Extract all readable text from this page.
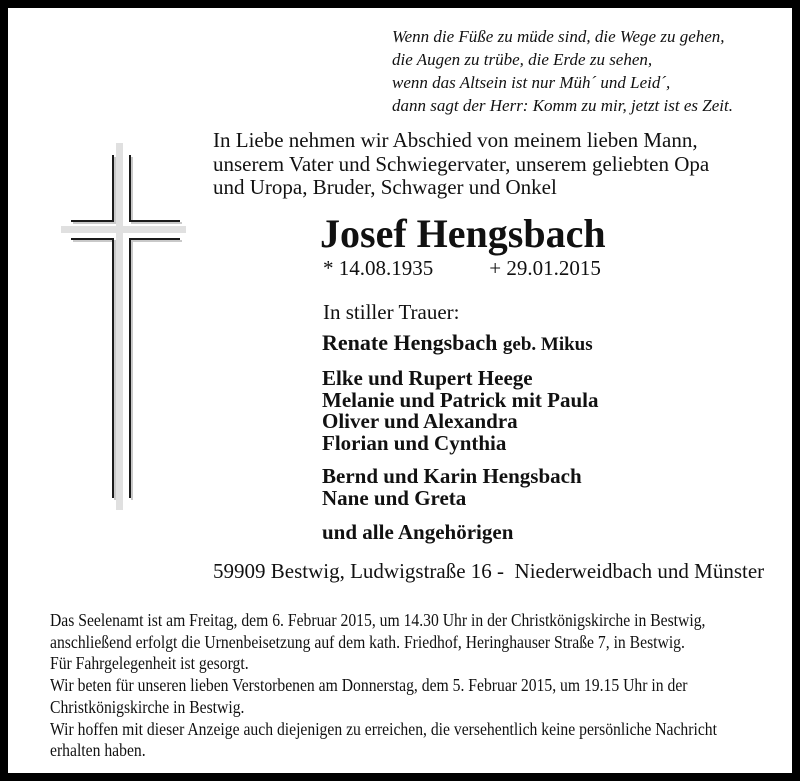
Wenn die Füße zu müde sind, die Wege zu gehen,
die Augen zu trübe, die Erde zu sehen,
wenn das Altsein ist nur Müh´ und Leid´,
dann sagt der Herr: Komm zu mir, jetzt ist es Zeit.
In Liebe nehmen wir Abschied von meinem lieben Mann,
unserem Vater und Schwiegervater, unserem geliebten Opa
und Uropa, Bruder, Schwager und Onkel
Josef Hengsbach
* 14.08.1935	+ 29.01.2015
In stiller Trauer:
Renate Hengsbach geb. Mikus
Elke und Rupert Heege
Melanie und Patrick mit Paula
Oliver und Alexandra
Florian und Cynthia
Bernd und Karin Hengsbach
Nane und Greta
und alle Angehörigen
59909 Bestwig, Ludwigstraße 16 -  Niederweidbach und Münster
Das Seelenamt ist am Freitag, dem 6. Februar 2015, um 14.30 Uhr in der Christkönigskirche in Bestwig,
anschließend erfolgt die Urnenbeisetzung auf dem kath. Friedhof, Heringhauser Straße 7, in Bestwig.
Für Fahrgelegenheit ist gesorgt.
Wir beten für unseren lieben Verstorbenen am Donnerstag, dem 5. Februar 2015, um 19.15 Uhr in der
Christkönigskirche in Bestwig.
Wir hoffen mit dieser Anzeige auch diejenigen zu erreichen, die versehentlich keine persönliche Nachricht
erhalten haben.
